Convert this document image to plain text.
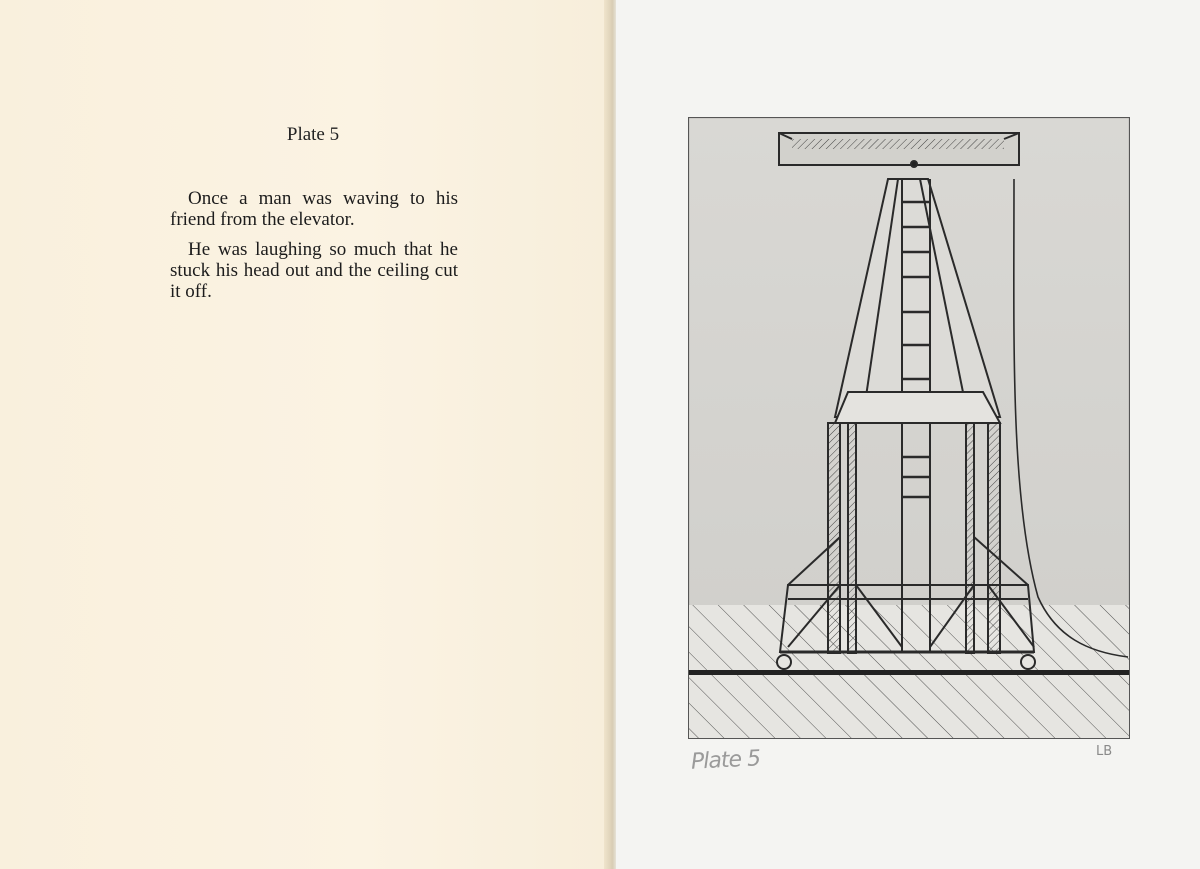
Plate 5

Once a man was waving to his friend from the elevator.

He was laughing so much that he stuck his head out and the ceiling cut it off.

Plate 5	LB
